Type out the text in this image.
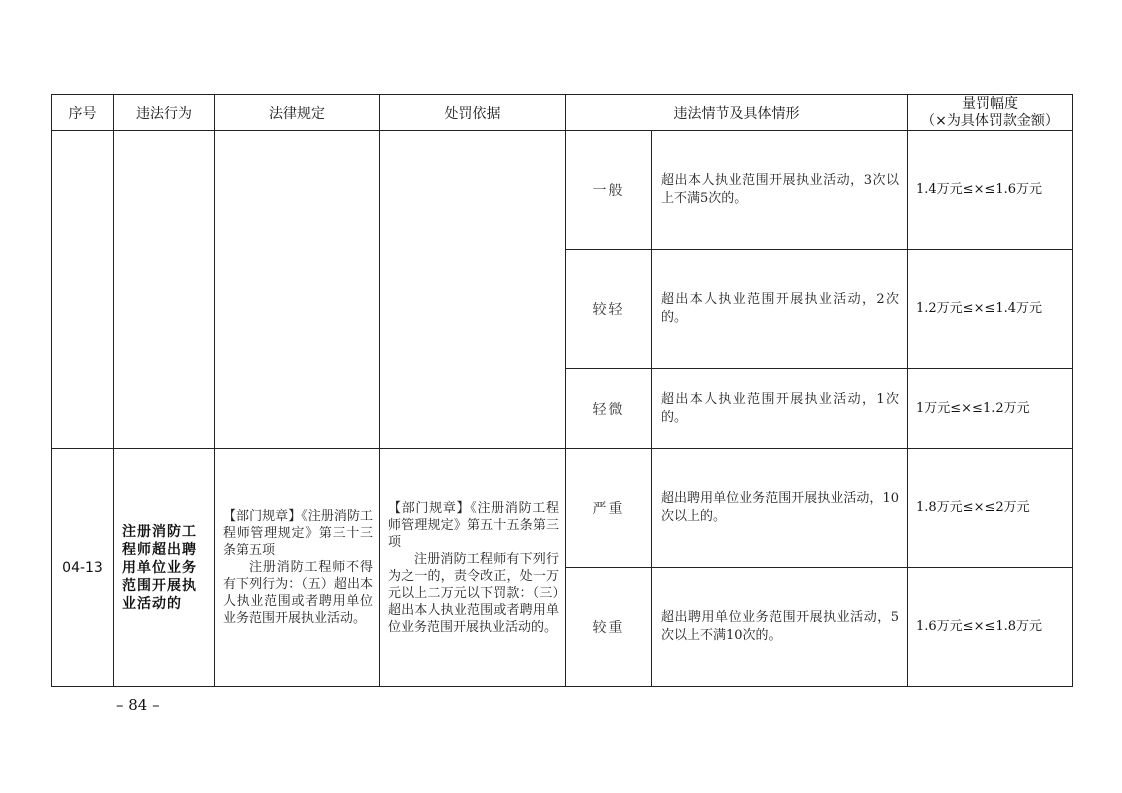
序号	违法行为	法律规定	处罚依据	违法情节及具体情形		量罚幅度
（×为具体罚款金额）

				一般	超出本人执业范围开展执业活动，3次以上不满5次的。	1.4万元≤×≤1.6万元
				较轻	超出本人执业范围开展执业活动，2次的。	1.2万元≤×≤1.4万元
				轻微	超出本人执业范围开展执业活动，1次的。	1万元≤×≤1.2万元
04-13	注册消防工程师超出聘用单位业务范围开展执业活动的	【部门规章】《注册消防工程师管理规定》第三十三条第五项
注册消防工程师不得有下列行为：（五）超出本人执业范围或者聘用单位业务范围开展执业活动。	【部门规章】《注册消防工程师管理规定》第五十五条第三项
注册消防工程师有下列行为之一的，责令改正，处一万元以上二万元以下罚款：（三）超出本人执业范围或者聘用单位业务范围开展执业活动的。	严重	超出聘用单位业务范围开展执业活动，10次以上的。	1.8万元≤×≤2万元
				较重	超出聘用单位业务范围开展执业活动，5次以上不满10次的。	1.6万元≤×≤1.8万元
– 84 –
